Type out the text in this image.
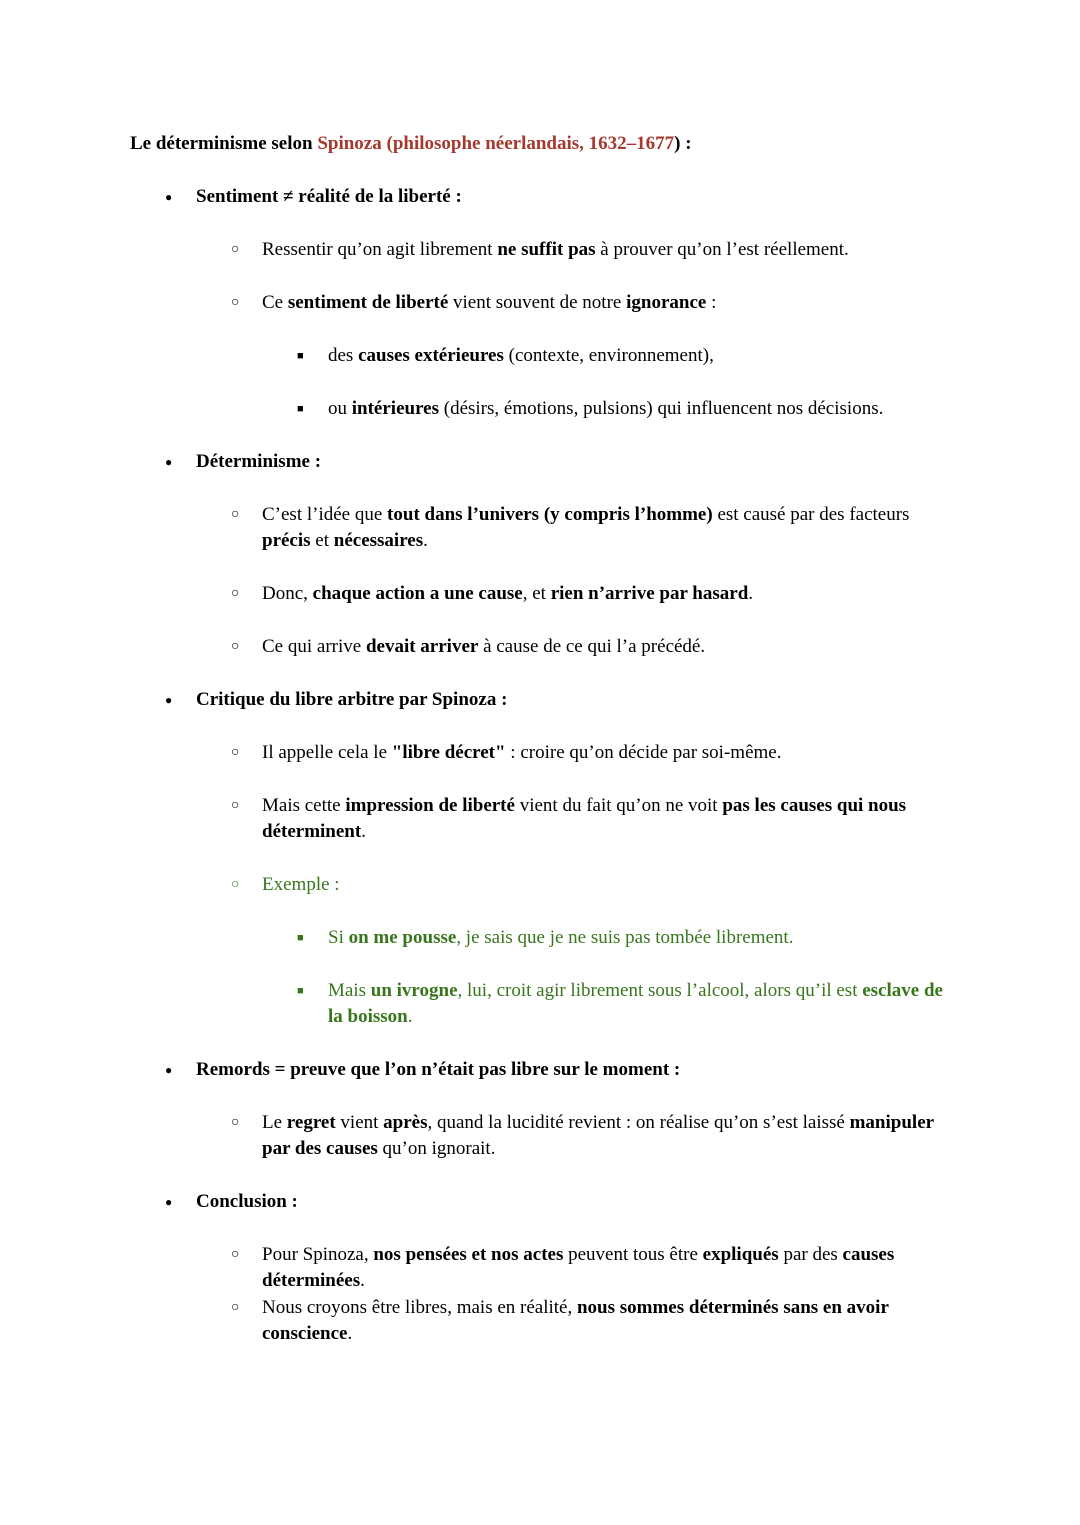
Le déterminisme selon Spinoza (philosophe néerlandais, 1632–1677) :
●	Sentiment ≠ réalité de la liberté :
○	Ressentir qu’on agit librement ne suffit pas à prouver qu’on l’est réellement.
○	Ce sentiment de liberté vient souvent de notre ignorance :
■	des causes extérieures (contexte, environnement),
■	ou intérieures (désirs, émotions, pulsions) qui influencent nos décisions.
●	Déterminisme :
○	C’est l’idée que tout dans l’univers (y compris l’homme) est causé par des facteurs précis et nécessaires.
○	Donc, chaque action a une cause, et rien n’arrive par hasard.
○	Ce qui arrive devait arriver à cause de ce qui l’a précédé.
●	Critique du libre arbitre par Spinoza :
○	Il appelle cela le "libre décret" : croire qu’on décide par soi-même.
○	Mais cette impression de liberté vient du fait qu’on ne voit pas les causes qui nous déterminent.
○	Exemple :
■	Si on me pousse, je sais que je ne suis pas tombée librement.
■	Mais un ivrogne, lui, croit agir librement sous l’alcool, alors qu’il est esclave de la boisson.
●	Remords = preuve que l’on n’était pas libre sur le moment :
○	Le regret vient après, quand la lucidité revient : on réalise qu’on s’est laissé manipuler par des causes qu’on ignorait.
●	Conclusion :
○	Pour Spinoza, nos pensées et nos actes peuvent tous être expliqués par des causes déterminées.
○	Nous croyons être libres, mais en réalité, nous sommes déterminés sans en avoir conscience.
